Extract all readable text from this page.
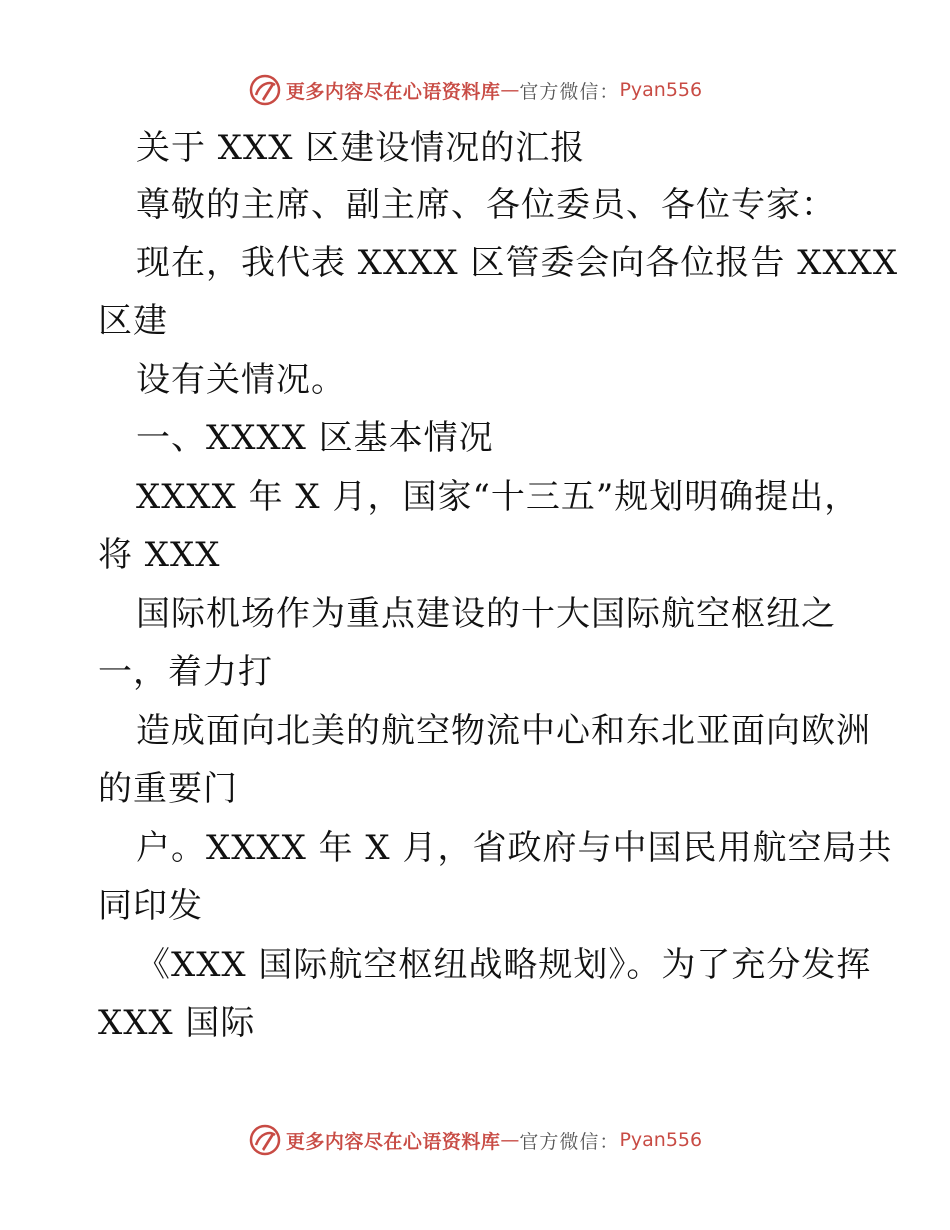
更多内容尽在心语资料库 — 官方微信： Pyan556
关于 XXX 区建设情况的汇报
尊敬的主席、副主席、各位委员、各位专家：
现在，我代表 XXXX 区管委会向各位报告 XXXX
区建
设有关情况。
一、XXXX 区基本情况
XXXX 年 X 月，国家“十三五”规划明确提出，
将 XXX
国际机场作为重点建设的十大国际航空枢纽之
一，着力打
造成面向北美的航空物流中心和东北亚面向欧洲
的重要门
户。XXXX 年 X 月，省政府与中国民用航空局共
同印发
《XXX 国际航空枢纽战略规划》。为了充分发挥
XXX 国际
更多内容尽在心语资料库 — 官方微信： Pyan556
